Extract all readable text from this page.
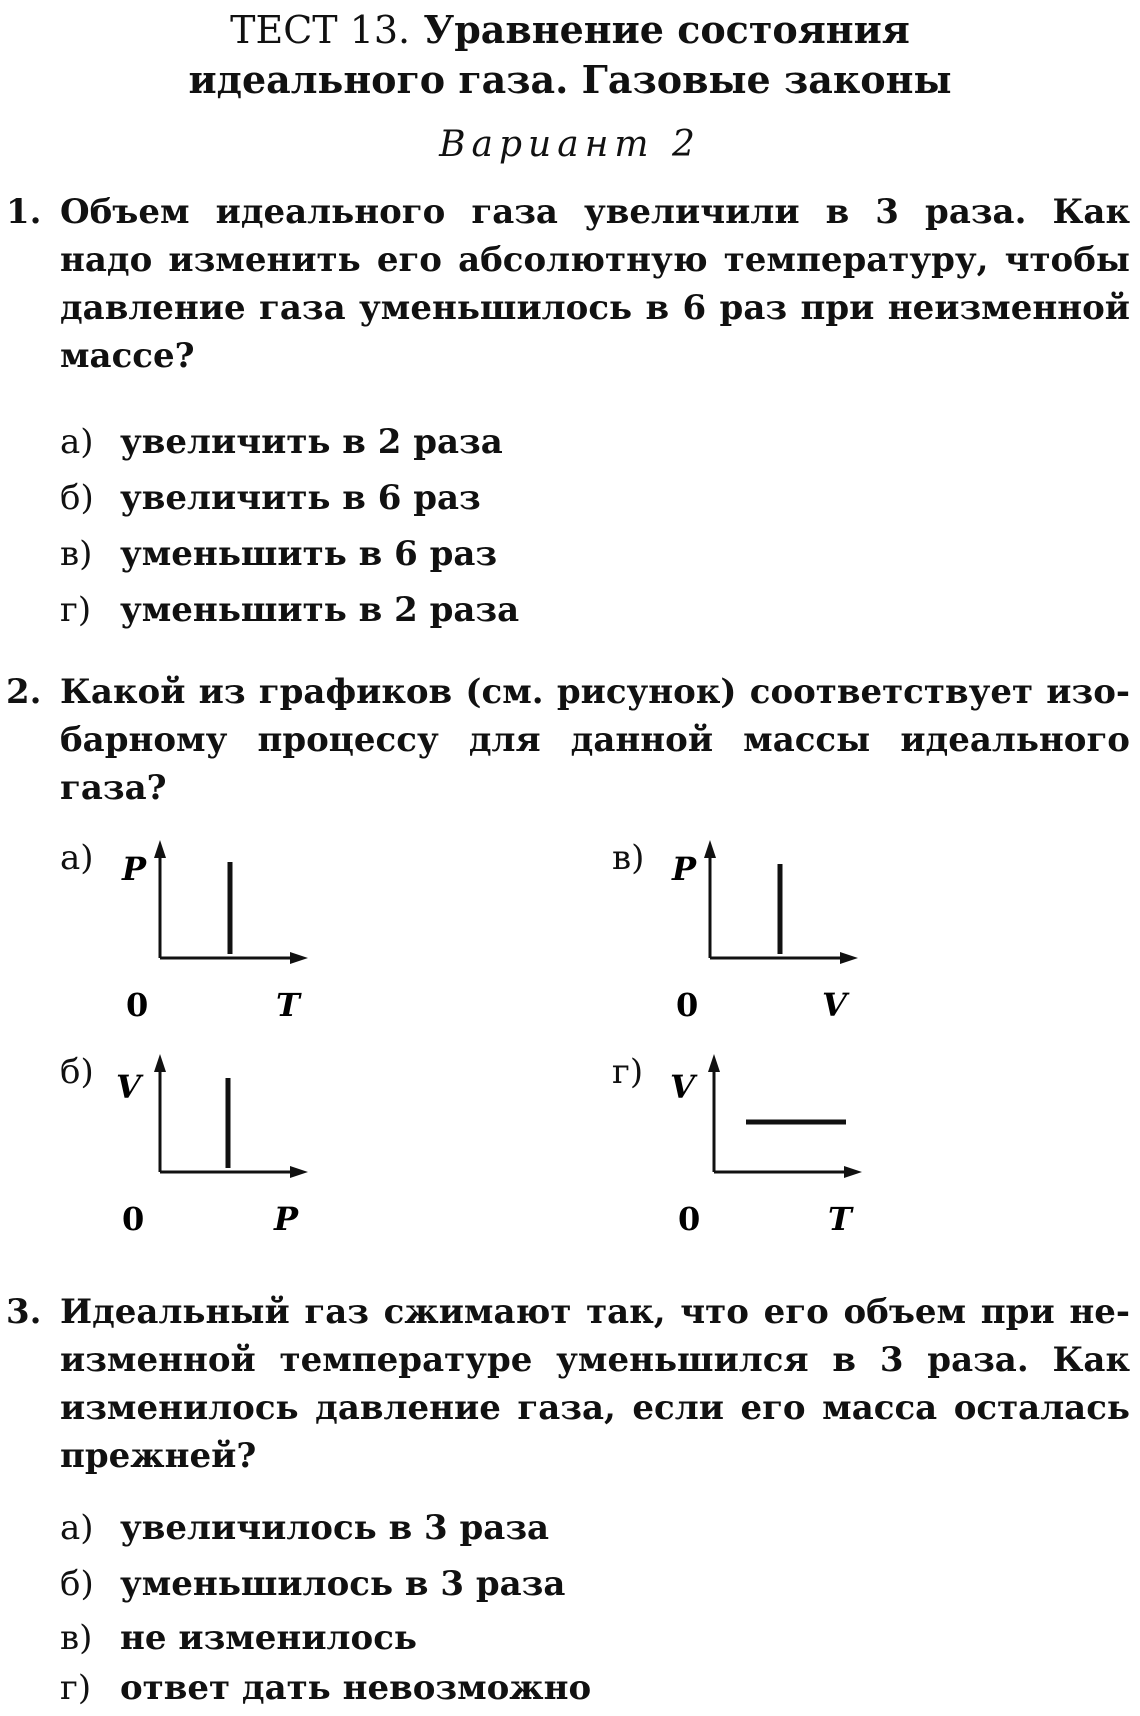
ТЕСТ 13. Уравнение состояния
идеального газа. Газовые законы
Вариант 2
1. Объем идеального газа увеличили в 3 раза. Как
надо изменить его абсолютную температуру, чтобы
давление газа уменьшилось в 6 раз при неизменной
массе?
а) увеличить в 2 раза
б) увеличить в 6 раз
в) уменьшить в 6 раз
г) уменьшить в 2 раза
2. Какой из графиков (см. рисунок) соответствует изо-
барному процессу для данной массы идеального
газа?
а) P
T
0
б) V
P
0
в) P
V
0
г) V
T
0
3. Идеальный газ сжимают так, что его объем при не-
изменной температуре уменьшился в 3 раза. Как
изменилось давление газа, если его масса осталась
прежней?
а) увеличилось в 3 раза
б) уменьшилось в 3 раза
в) не изменилось
г) ответ дать невозможно
